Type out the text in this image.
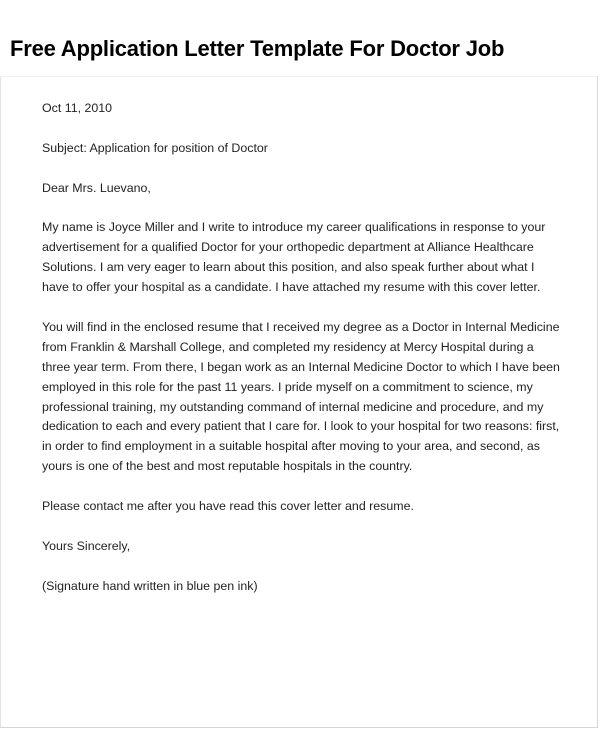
Free Application Letter Template For Doctor Job

Oct 11, 2010

Subject: Application for position of Doctor

Dear Mrs. Luevano,

My name is Joyce Miller and I write to introduce my career qualifications in response to your advertisement for a qualified Doctor for your orthopedic department at Alliance Healthcare Solutions. I am very eager to learn about this position, and also speak further about what I have to offer your hospital as a candidate. I have attached my resume with this cover letter.

You will find in the enclosed resume that I received my degree as a Doctor in Internal Medicine from Franklin & Marshall College, and completed my residency at Mercy Hospital during a three year term. From there, I began work as an Internal Medicine Doctor to which I have been employed in this role for the past 11 years. I pride myself on a commitment to science, my professional training, my outstanding command of internal medicine and procedure, and my dedication to each and every patient that I care for. I look to your hospital for two reasons: first, in order to find employment in a suitable hospital after moving to your area, and second, as yours is one of the best and most reputable hospitals in the country.

Please contact me after you have read this cover letter and resume.

Yours Sincerely,

(Signature hand written in blue pen ink)
